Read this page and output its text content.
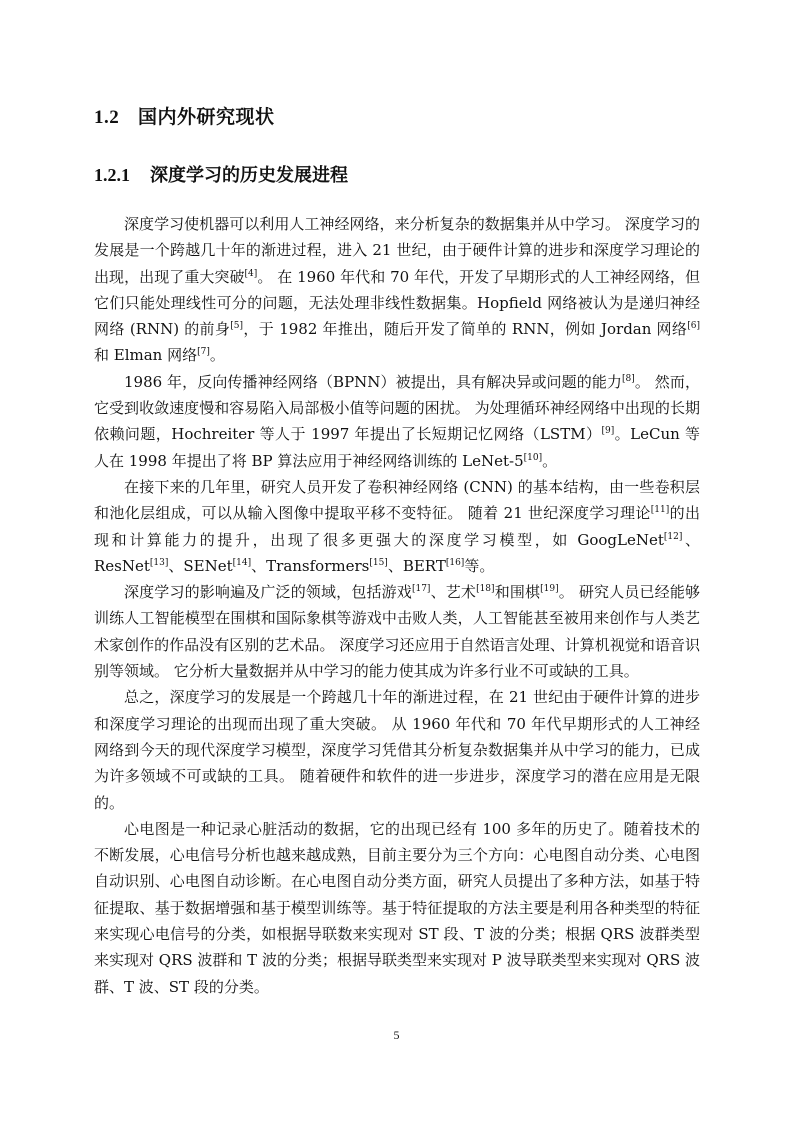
1.2 国内外研究现状
1.2.1 深度学习的历史发展进程

深度学习使机器可以利用人工神经网络，来分析复杂的数据集并从中学习。 深度学习的发展是一个跨越几十年的渐进过程，进入 21 世纪，由于硬件计算的进步和深度学习理论的出现，出现了重大突破[4]。 在 1960 年代和 70 年代，开发了早期形式的人工神经网络，但它们只能处理线性可分的问题，无法处理非线性数据集。Hopfield 网络被认为是递归神经网络 (RNN) 的前身[5]，于 1982 年推出，随后开发了简单的 RNN，例如 Jordan 网络[6]和 Elman 网络[7]。

1986 年，反向传播神经网络（BPNN）被提出，具有解决异或问题的能力[8]。 然而，它受到收敛速度慢和容易陷入局部极小值等问题的困扰。 为处理循环神经网络中出现的长期依赖问题，Hochreiter 等人于 1997 年提出了长短期记忆网络（LSTM）[9]。LeCun 等人在 1998 年提出了将 BP 算法应用于神经网络训练的 LeNet-5[10]。

在接下来的几年里，研究人员开发了卷积神经网络 (CNN) 的基本结构，由一些卷积层和池化层组成，可以从输入图像中提取平移不变特征。 随着 21 世纪深度学习理论[11]的出现和计算能力的提升，出现了很多更强大的深度学习模型，如 GoogLeNet[12]、ResNet[13]、SENet[14]、Transformers[15]、BERT[16]等。

深度学习的影响遍及广泛的领域，包括游戏[17]、艺术[18]和围棋[19]。 研究人员已经能够训练人工智能模型在围棋和国际象棋等游戏中击败人类，人工智能甚至被用来创作与人类艺术家创作的作品没有区别的艺术品。 深度学习还应用于自然语言处理、计算机视觉和语音识别等领域。 它分析大量数据并从中学习的能力使其成为许多行业不可或缺的工具。

总之，深度学习的发展是一个跨越几十年的渐进过程，在 21 世纪由于硬件计算的进步和深度学习理论的出现而出现了重大突破。 从 1960 年代和 70 年代早期形式的人工神经网络到今天的现代深度学习模型，深度学习凭借其分析复杂数据集并从中学习的能力，已成为许多领域不可或缺的工具。 随着硬件和软件的进一步进步，深度学习的潜在应用是无限的。

心电图是一种记录心脏活动的数据，它的出现已经有 100 多年的历史了。随着技术的不断发展，心电信号分析也越来越成熟，目前主要分为三个方向：心电图自动分类、心电图自动识别、心电图自动诊断。在心电图自动分类方面，研究人员提出了多种方法，如基于特征提取、基于数据增强和基于模型训练等。基于特征提取的方法主要是利用各种类型的特征来实现心电信号的分类，如根据导联数来实现对 ST 段、T 波的分类；根据 QRS 波群类型来实现对 QRS 波群和 T 波的分类；根据导联类型来实现对 P 波导联类型来实现对 QRS 波群、T 波、ST 段的分类。

5
